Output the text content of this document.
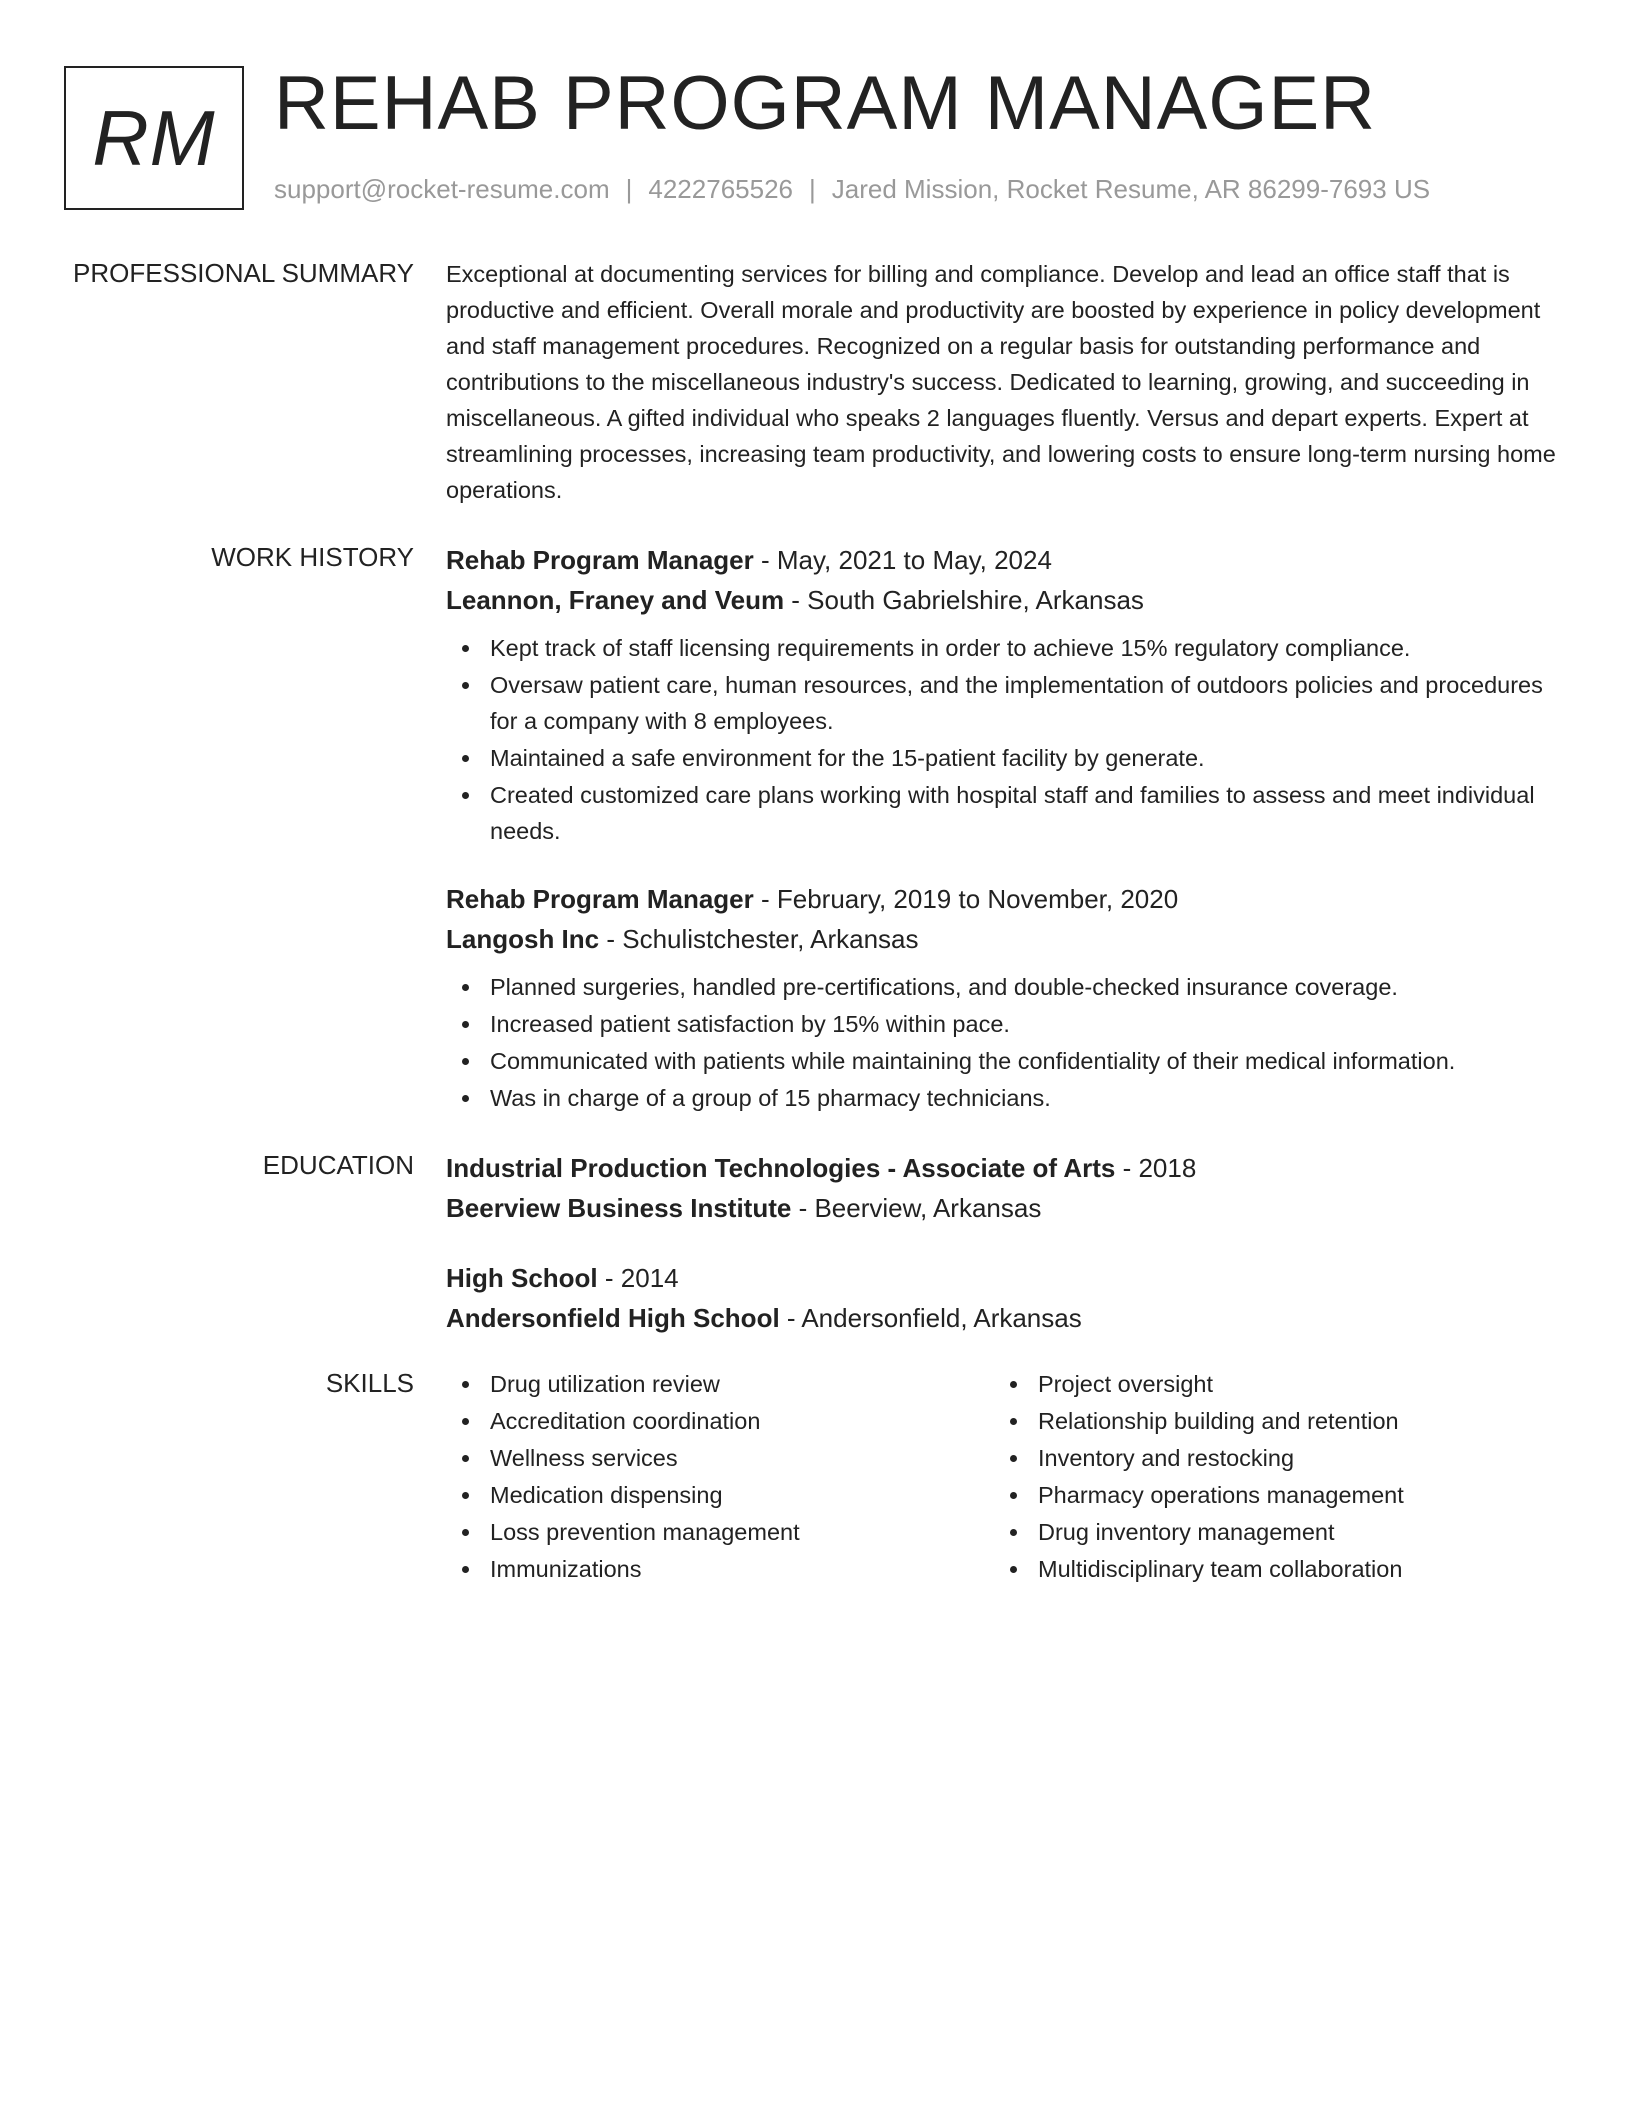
RM REHAB PROGRAM MANAGER
support@rocket-resume.com | 4222765526 | Jared Mission, Rocket Resume, AR 86299-7693 US
PROFESSIONAL SUMMARY Exceptional at documenting services for billing and compliance. Develop and lead an office staff that is productive and efficient. Overall morale and productivity are boosted by experience in policy development and staff management procedures. Recognized on a regular basis for outstanding performance and contributions to the miscellaneous industry's success. Dedicated to learning, growing, and succeeding in miscellaneous. A gifted individual who speaks 2 languages fluently. Versus and depart experts. Expert at streamlining processes, increasing team productivity, and lowering costs to ensure long-term nursing home operations.
WORK HISTORY Rehab Program Manager - May, 2021 to May, 2024
Leannon, Franey and Veum - South Gabrielshire, Arkansas
Kept track of staff licensing requirements in order to achieve 15% regulatory compliance.
Oversaw patient care, human resources, and the implementation of outdoors policies and procedures for a company with 8 employees.
Maintained a safe environment for the 15-patient facility by generate.
Created customized care plans working with hospital staff and families to assess and meet individual needs.
Rehab Program Manager - February, 2019 to November, 2020
Langosh Inc - Schulistchester, Arkansas
Planned surgeries, handled pre-certifications, and double-checked insurance coverage.
Increased patient satisfaction by 15% within pace.
Communicated with patients while maintaining the confidentiality of their medical information.
Was in charge of a group of 15 pharmacy technicians.
EDUCATION Industrial Production Technologies - Associate of Arts - 2018
Beerview Business Institute - Beerview, Arkansas
High School - 2014
Andersonfield High School - Andersonfield, Arkansas
SKILLS	Drug utilization review
Accreditation coordination
Wellness services
Medication dispensing
Loss prevention management
Immunizations
Project oversight
Relationship building and retention
Inventory and restocking
Pharmacy operations management
Drug inventory management
Multidisciplinary team collaboration
